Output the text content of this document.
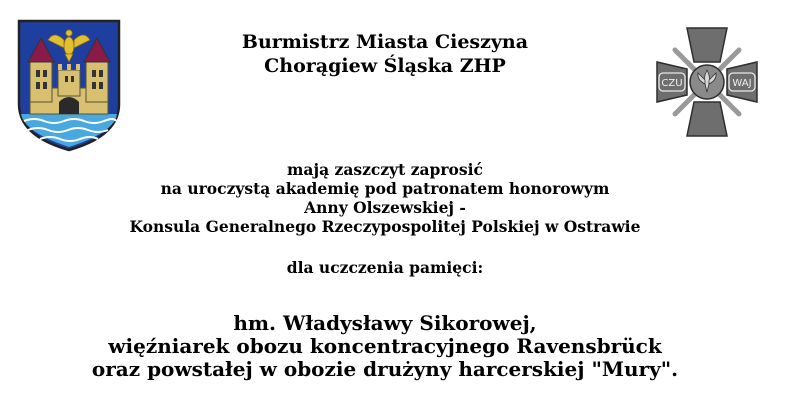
Burmistrz Miasta Cieszyna
Chorągiew Śląska ZHP
CZU	WAJ
mają zaszczyt zaprosić
na uroczystą akademię pod patronatem honorowym
Anny Olszewskiej -
Konsula Generalnego Rzeczypospolitej Polskiej w Ostrawie
dla uczczenia pamięci:
hm. Władysławy Sikorowej,
więźniarek obozu koncentracyjnego Ravensbrück
oraz powstałej w obozie drużyny harcerskiej "Mury".
